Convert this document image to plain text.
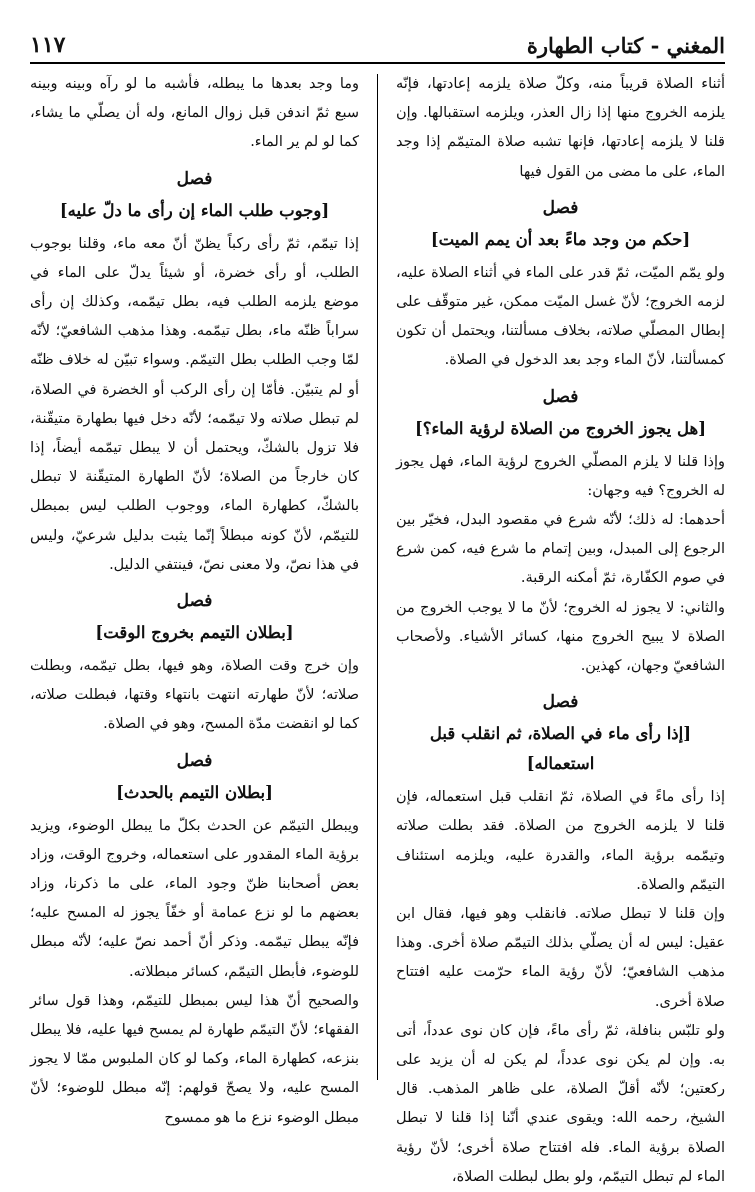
المغني - كتاب الطهارة
١١٧

أثناء الصلاة قريباً منه، وكلّ صلاة يلزمه إعادتها، فإنّه يلزمه الخروج منها إذا زال العذر، ويلزمه استقبالها. وإن قلنا لا يلزمه إعادتها، فإنها تشبه صلاة المتيمّم إذا وجد الماء، على ما مضى من القول فيها

فصل
[حكم من وجد ماءً بعد أن يمم الميت]

ولو يمّم الميّت، ثمّ قدر على الماء في أثناء الصلاة عليه، لزمه الخروج؛ لأنّ غسل الميّت ممكن، غير متوقّف على إبطال المصلّي صلاته، بخلاف مسألتنا، ويحتمل أن تكون كمسألتنا، لأنّ الماء وجد بعد الدخول في الصلاة.

فصل
[هل يجوز الخروج من الصلاة لرؤية الماء؟]

وإذا قلنا لا يلزم المصلّي الخروج لرؤية الماء، فهل يجوز له الخروج؟ فيه وجهان:

أحدهما: له ذلك؛ لأنّه شرع في مقصود البدل، فخيّر بين الرجوع إلى المبدل، وبين إتمام ما شرع فيه، كمن شرع في صوم الكفّارة، ثمّ أمكنه الرقبة.

والثاني: لا يجوز له الخروج؛ لأنّ ما لا يوجب الخروج من الصلاة لا يبيح الخروج منها، كسائر الأشياء. ولأصحاب الشافعيّ وجهان، كهذين.

فصل
[إذا رأى ماء في الصلاة، ثم انقلب قبل استعماله]

إذا رأى ماءً في الصلاة، ثمّ انقلب قبل استعماله، فإن قلنا لا يلزمه الخروج من الصلاة. فقد بطلت صلاته وتيمّمه برؤية الماء، والقدرة عليه، ويلزمه استئناف التيمّم والصلاة.

وإن قلنا لا تبطل صلاته. فانقلب وهو فيها، فقال ابن عقيل: ليس له أن يصلّي بذلك التيمّم صلاة أخرى. وهذا مذهب الشافعيّ؛ لأنّ رؤية الماء حرّمت عليه افتتاح صلاة أخرى.

ولو تلبّس بنافلة، ثمّ رأى ماءً، فإن كان نوى عدداً، أتى به. وإن لم يكن نوى عدداً، لم يكن له أن يزيد على ركعتين؛ لأنّه أقلّ الصلاة، على ظاهر المذهب. قال الشيخ، رحمه الله: ويقوى عندي أنّنا إذا قلنا لا تبطل الصلاة برؤية الماء. فله افتتاح صلاة أخرى؛ لأنّ رؤية الماء لم تبطل التيمّم، ولو بطل لبطلت الصلاة،

وما وجد بعدها ما يبطله، فأشبه ما لو رآه وبينه وبينه سبع ثمّ اندفن قبل زوال المانع، وله أن يصلّي ما يشاء، كما لو لم ير الماء.

فصل
[وجوب طلب الماء إن رأى ما دلّ عليه]

إذا تيمّم، ثمّ رأى ركباً يظنّ أنّ معه ماء، وقلنا بوجوب الطلب، أو رأى خضرة، أو شيئاً يدلّ على الماء في موضع يلزمه الطلب فيه، بطل تيمّمه، وكذلك إن رأى سراباً ظنّه ماء، بطل تيمّمه. وهذا مذهب الشافعيّ؛ لأنّه لمّا وجب الطلب بطل التيمّم. وسواء تبيّن له خلاف ظنّه أو لم يتبيّن. فأمّا إن رأى الركب أو الخضرة في الصلاة، لم تبطل صلاته ولا تيمّمه؛ لأنّه دخل فيها بطهارة متيقّنة، فلا تزول بالشكّ، ويحتمل أن لا يبطل تيمّمه أيضاً، إذا كان خارجاً من الصلاة؛ لأنّ الطهارة المتيقّنة لا تبطل بالشكّ، كطهارة الماء، ووجوب الطلب ليس بمبطل للتيمّم، لأنّ كونه مبطلاً إنّما يثبت بدليل شرعيّ، وليس في هذا نصّ، ولا معنى نصّ، فينتفي الدليل.

فصل
[بطلان التيمم بخروج الوقت]

وإن خرج وقت الصلاة، وهو فيها، بطل تيمّمه، وبطلت صلاته؛ لأنّ طهارته انتهت بانتهاء وقتها، فبطلت صلاته، كما لو انقضت مدّة المسح، وهو في الصلاة.

فصل
[بطلان التيمم بالحدث]

ويبطل التيمّم عن الحدث بكلّ ما يبطل الوضوء، ويزيد برؤية الماء المقدور على استعماله، وخروج الوقت، وزاد بعض أصحابنا ظنّ وجود الماء، على ما ذكرنا، وزاد بعضهم ما لو نزع عمامة أو خفّاً يجوز له المسح عليه؛ فإنّه يبطل تيمّمه. وذكر أنّ أحمد نصّ عليه؛ لأنّه مبطل للوضوء، فأبطل التيمّم، كسائر مبطلاته.

والصحيح أنّ هذا ليس بمبطل للتيمّم، وهذا قول سائر الفقهاء؛ لأنّ التيمّم طهارة لم يمسح فيها عليه، فلا يبطل بنزعه، كطهارة الماء، وكما لو كان الملبوس ممّا لا يجوز المسح عليه، ولا يصحّ قولهم: إنّه مبطل للوضوء؛ لأنّ مبطل الوضوء نزع ما هو ممسوح
